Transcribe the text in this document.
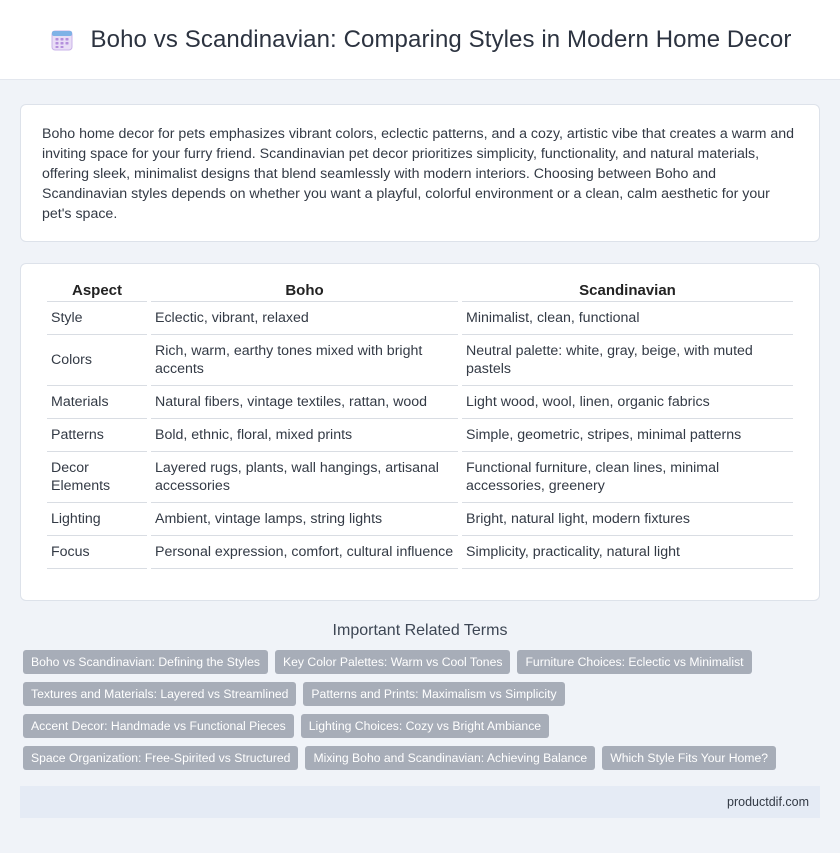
Boho vs Scandinavian: Comparing Styles in Modern Home Decor

Boho home decor for pets emphasizes vibrant colors, eclectic patterns, and a cozy, artistic vibe that creates a warm and inviting space for your furry friend. Scandinavian pet decor prioritizes simplicity, functionality, and natural materials, offering sleek, minimalist designs that blend seamlessly with modern interiors. Choosing between Boho and Scandinavian styles depends on whether you want a playful, colorful environment or a clean, calm aesthetic for your pet's space.

Aspect	Boho	Scandinavian
Style	Eclectic, vibrant, relaxed	Minimalist, clean, functional
Colors	Rich, warm, earthy tones mixed with bright accents	Neutral palette: white, gray, beige, with muted pastels
Materials	Natural fibers, vintage textiles, rattan, wood	Light wood, wool, linen, organic fabrics
Patterns	Bold, ethnic, floral, mixed prints	Simple, geometric, stripes, minimal patterns
Decor Elements	Layered rugs, plants, wall hangings, artisanal accessories	Functional furniture, clean lines, minimal accessories, greenery
Lighting	Ambient, vintage lamps, string lights	Bright, natural light, modern fixtures
Focus	Personal expression, comfort, cultural influence	Simplicity, practicality, natural light
Important Related Terms
Boho vs Scandinavian: Defining the Styles	Key Color Palettes: Warm vs Cool Tones	Furniture Choices: Eclectic vs Minimalist
Textures and Materials: Layered vs Streamlined	Patterns and Prints: Maximalism vs Simplicity
Accent Decor: Handmade vs Functional Pieces	Lighting Choices: Cozy vs Bright Ambiance
Space Organization: Free-Spirited vs Structured	Mixing Boho and Scandinavian: Achieving Balance	Which Style Fits Your Home?
productdif.com
